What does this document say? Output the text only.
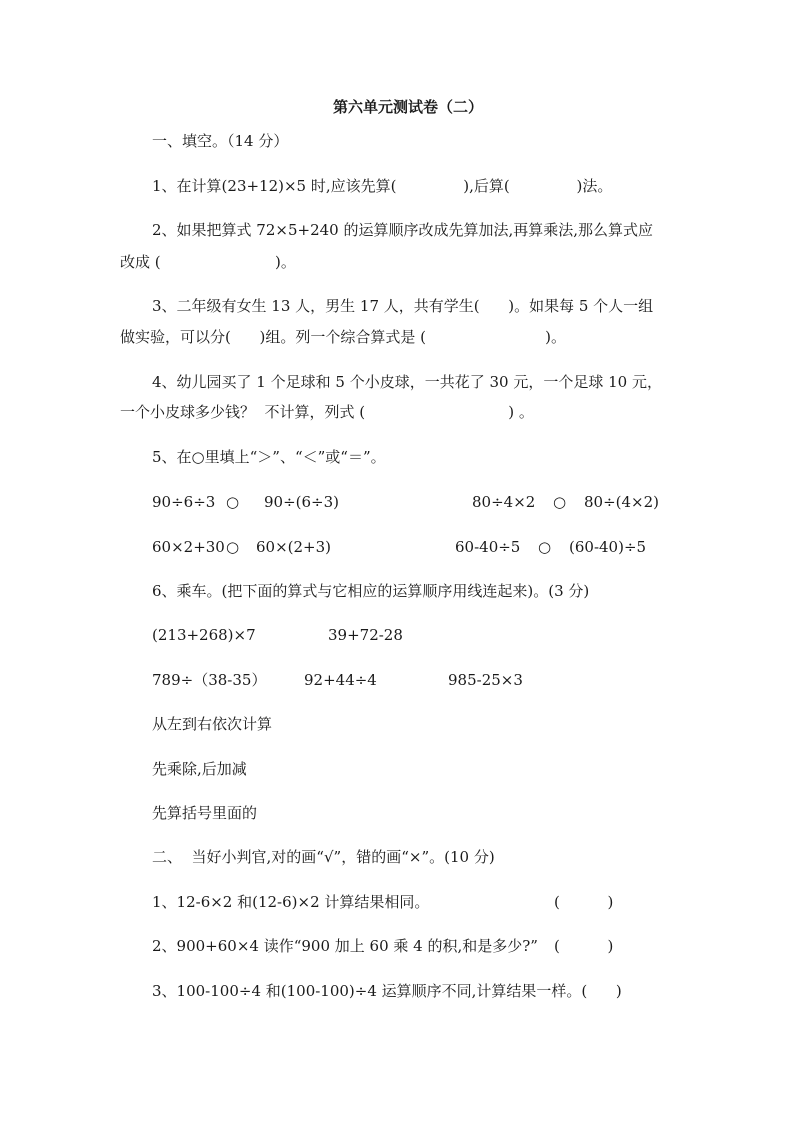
第六单元测试卷（二）
一、填空。（14 分）
1、在计算(23+12)×5 时,应该先算(              ),后算(              )法。
2、如果把算式 72×5+240 的运算顺序改成先算加法,再算乘法,那么算式应
改成 (                        )。
3、二年级有女生 13 人，男生 17 人，共有学生(      )。如果每 5 个人一组
做实验，可以分(      )组。列一个综合算式是 (                         )。
4、幼儿园买了 1 个足球和 5 个小皮球，一共花了 30 元，一个足球 10 元，
一个小皮球多少钱？  不计算，列式 (                              ) 。
5、在○里填上“＞”、“＜”或“＝”。
90÷6÷3 ○ 90÷(6÷3)	80÷4×2 ○ 80÷(4×2)
60×2+30 ○ 60×(2+3)	60-40÷5 ○ (60-40)÷5
6、乘车。(把下面的算式与它相应的运算顺序用线连起来)。(3 分)
(213+268)×7	39+72-28
789÷（38-35）	92+44÷4	985-25×3
从左到右依次计算
先乘除,后加减
先算括号里面的
二、  当好小判官,对的画“√”，错的画“×”。(10 分)
1、12-6×2 和(12-6)×2 计算结果相同。	(          )
2、900+60×4 读作“900 加上 60 乘 4 的积,和是多少?” (          )
3、100-100÷4 和(100-100)÷4 运算顺序不同,计算结果一样。(      )
